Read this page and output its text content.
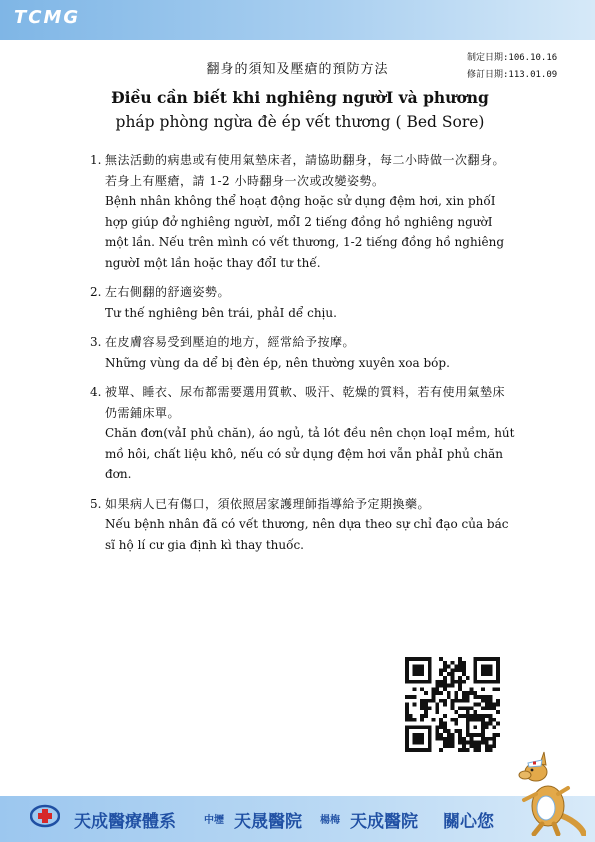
TCMG
翻身的須知及壓瘡的預防方法
制定日期:106.10.16
修訂日期:113.01.09
Điều cần biết khi nghiêng ngườI và phương
pháp phòng ngừa đè ép vết thương ( Bed Sore)
1. 無法活動的病患或有使用氣墊床者，請協助翻身，每二小時做一次翻身。若身上有壓瘡，請 1-2 小時翻身一次或改變姿勢。
Bệnh nhân không thể hoạt động hoặc sử dụng đệm hơi, xin phốI hợp giúp đở nghiêng ngườI, mổI 2 tiếng đồng hồ nghiêng ngườI một lần. Nếu trên mình có vết thương, 1-2 tiếng đồng hồ nghiêng ngườI một lần hoặc thay đổI tư thế.
2. 左右側翻的舒適姿勢。
Tư thế nghiêng bên trái, phảI dể chịu.
3. 在皮膚容易受到壓迫的地方，經常給予按摩。
Những vùng da dể bị đèn ép, nên thường xuyên xoa bóp.
4. 被單、睡衣、尿布都需要選用質軟、吸汗、乾燥的質料，若有使用氣墊床仍需鋪床單。
Chăn đơn(vảI phủ chăn), áo ngủ, tả lót đều nên chọn loạI mềm, hút mồ hôi, chất liệu khô, nếu có sử dụng đệm hơi vẫn phảI phủ chăn đơn.
5. 如果病人已有傷口，須依照居家護理師指導給予定期換藥。
Nếu bệnh nhân đã có vết thương, nên dựa theo sự chỉ đạo của bác sĩ hộ lí cư gia định kì thay thuốc.
天成醫療體系	中壢 天晟醫院 楊梅 天成醫院 關心您
